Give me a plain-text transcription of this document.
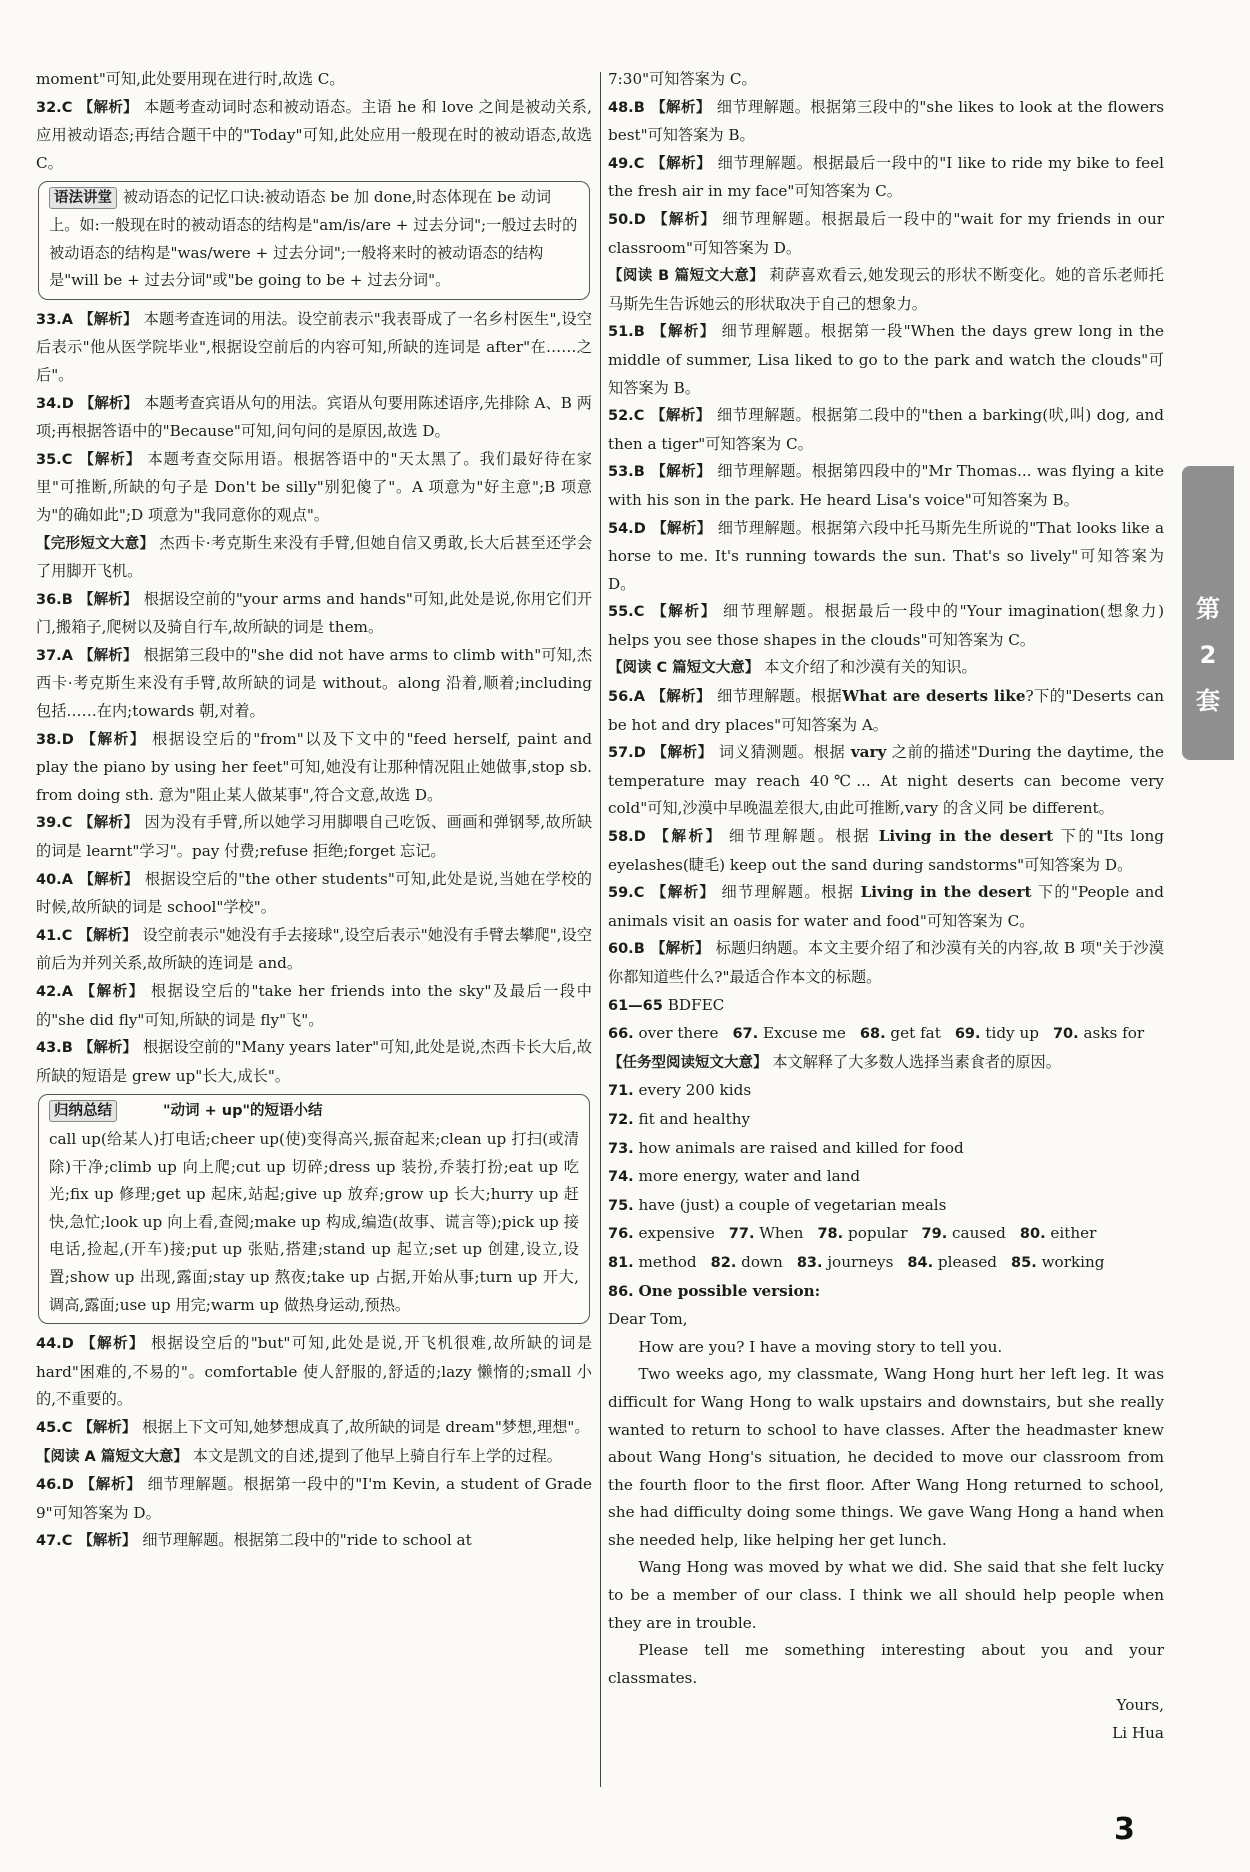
moment"可知,此处要用现在进行时,故选 C。

32.C 【解析】 本题考查动词时态和被动语态。主语 he 和 love 之间是被动关系,应用被动语态;再结合题干中的"Today"可知,此处应用一般现在时的被动语态,故选 C。

语法讲堂 被动语态的记忆口诀:被动语态 be 加 done,时态体现在 be 动词上。如:一般现在时的被动语态的结构是"am/is/are + 过去分词";一般过去时的被动语态的结构是"was/were + 过去分词";一般将来时的被动语态的结构是"will be + 过去分词"或"be going to be + 过去分词"。

33.A 【解析】 本题考查连词的用法。设空前表示"我表哥成了一名乡村医生",设空后表示"他从医学院毕业",根据设空前后的内容可知,所缺的连词是 after"在……之后"。

34.D 【解析】 本题考查宾语从句的用法。宾语从句要用陈述语序,先排除 A、B 两项;再根据答语中的"Because"可知,问句问的是原因,故选 D。

35.C 【解析】 本题考查交际用语。根据答语中的"天太黑了。我们最好待在家里"可推断,所缺的句子是 Don't be silly"别犯傻了"。A 项意为"好主意";B 项意为"的确如此";D 项意为"我同意你的观点"。

【完形短文大意】 杰西卡·考克斯生来没有手臂,但她自信又勇敢,长大后甚至还学会了用脚开飞机。

36.B 【解析】 根据设空前的"your arms and hands"可知,此处是说,你用它们开门,搬箱子,爬树以及骑自行车,故所缺的词是 them。

37.A 【解析】 根据第三段中的"she did not have arms to climb with"可知,杰西卡·考克斯生来没有手臂,故所缺的词是 without。along 沿着,顺着;including 包括……在内;towards 朝,对着。

38.D 【解析】 根据设空后的"from"以及下文中的"feed herself, paint and play the piano by using her feet"可知,她没有让那种情况阻止她做事,stop sb. from doing sth. 意为"阻止某人做某事",符合文意,故选 D。

39.C 【解析】 因为没有手臂,所以她学习用脚喂自己吃饭、画画和弹钢琴,故所缺的词是 learnt"学习"。pay 付费;refuse 拒绝;forget 忘记。

40.A 【解析】 根据设空后的"the other students"可知,此处是说,当她在学校的时候,故所缺的词是 school"学校"。

41.C 【解析】 设空前表示"她没有手去接球",设空后表示"她没有手臂去攀爬",设空前后为并列关系,故所缺的连词是 and。

42.A 【解析】 根据设空后的"take her friends into the sky"及最后一段中的"she did fly"可知,所缺的词是 fly"飞"。

43.B 【解析】 根据设空前的"Many years later"可知,此处是说,杰西卡长大后,故所缺的短语是 grew up"长大,成长"。

归纳总结	"动词 + up"的短语小结
call up(给某人)打电话;cheer up(使)变得高兴,振奋起来;clean up 打扫(或清除)干净;climb up 向上爬;cut up 切碎;dress up 装扮,乔装打扮;eat up 吃光;fix up 修理;get up 起床,站起;give up 放弃;grow up 长大;hurry up 赶快,急忙;look up 向上看,查阅;make up 构成,编造(故事、谎言等);pick up 接电话,捡起,(开车)接;put up 张贴,搭建;stand up 起立;set up 创建,设立,设置;show up 出现,露面;stay up 熬夜;take up 占据,开始从事;turn up 开大,调高,露面;use up 用完;warm up 做热身运动,预热。

44.D 【解析】 根据设空后的"but"可知,此处是说,开飞机很难,故所缺的词是 hard"困难的,不易的"。comfortable 使人舒服的,舒适的;lazy 懒惰的;small 小的,不重要的。

45.C 【解析】 根据上下文可知,她梦想成真了,故所缺的词是 dream"梦想,理想"。

【阅读 A 篇短文大意】 本文是凯文的自述,提到了他早上骑自行车上学的过程。

46.D 【解析】 细节理解题。根据第一段中的"I'm Kevin, a student of Grade 9"可知答案为 D。

47.C 【解析】 细节理解题。根据第二段中的"ride to school at

7:30"可知答案为 C。

48.B 【解析】 细节理解题。根据第三段中的"she likes to look at the flowers best"可知答案为 B。

49.C 【解析】 细节理解题。根据最后一段中的"I like to ride my bike to feel the fresh air in my face"可知答案为 C。

50.D 【解析】 细节理解题。根据最后一段中的"wait for my friends in our classroom"可知答案为 D。

【阅读 B 篇短文大意】 莉萨喜欢看云,她发现云的形状不断变化。她的音乐老师托马斯先生告诉她云的形状取决于自己的想象力。

51.B 【解析】 细节理解题。根据第一段"When the days grew long in the middle of summer, Lisa liked to go to the park and watch the clouds"可知答案为 B。

52.C 【解析】 细节理解题。根据第二段中的"then a barking(吠,叫) dog, and then a tiger"可知答案为 C。

53.B 【解析】 细节理解题。根据第四段中的"Mr Thomas... was flying a kite with his son in the park. He heard Lisa's voice"可知答案为 B。

54.D 【解析】 细节理解题。根据第六段中托马斯先生所说的"That looks like a horse to me. It's running towards the sun. That's so lively"可知答案为 D。

55.C 【解析】 细节理解题。根据最后一段中的"Your imagination(想象力) helps you see those shapes in the clouds"可知答案为 C。

【阅读 C 篇短文大意】 本文介绍了和沙漠有关的知识。

56.A 【解析】 细节理解题。根据What are deserts like?下的"Deserts can be hot and dry places"可知答案为 A。

57.D 【解析】 词义猜测题。根据 vary 之前的描述"During the daytime, the temperature may reach 40℃... At night deserts can become very cold"可知,沙漠中早晚温差很大,由此可推断,vary 的含义同 be different。

58.D 【解析】 细节理解题。根据 Living in the desert 下的"Its long eyelashes(睫毛) keep out the sand during sandstorms"可知答案为 D。

59.C 【解析】 细节理解题。根据 Living in the desert 下的"People and animals visit an oasis for water and food"可知答案为 C。

60.B 【解析】 标题归纳题。本文主要介绍了和沙漠有关的内容,故 B 项"关于沙漠你都知道些什么?"最适合作本文的标题。

61—65 BDFEC

66. over there 67. Excuse me 68. get fat 69. tidy up 70. asks for

【任务型阅读短文大意】 本文解释了大多数人选择当素食者的原因。

71. every 200 kids

72. fit and healthy

73. how animals are raised and killed for food

74. more energy, water and land

75. have (just) a couple of vegetarian meals

76. expensive 77. When 78. popular 79. caused 80. either

81. method 82. down 83. journeys 84. pleased 85. working

86. One possible version:

Dear Tom,

How are you? I have a moving story to tell you.

Two weeks ago, my classmate, Wang Hong hurt her left leg. It was difficult for Wang Hong to walk upstairs and downstairs, but she really wanted to return to school to have classes. After the headmaster knew about Wang Hong's situation, he decided to move our classroom from the fourth floor to the first floor. After Wang Hong returned to school, she had difficulty doing some things. We gave Wang Hong a hand when she needed help, like helping her get lunch.

Wang Hong was moved by what we did. She said that she felt lucky to be a member of our class. I think we all should help people when they are in trouble.

Please tell me something interesting about you and your classmates.

Yours,

Li Hua

第
2
套
3
